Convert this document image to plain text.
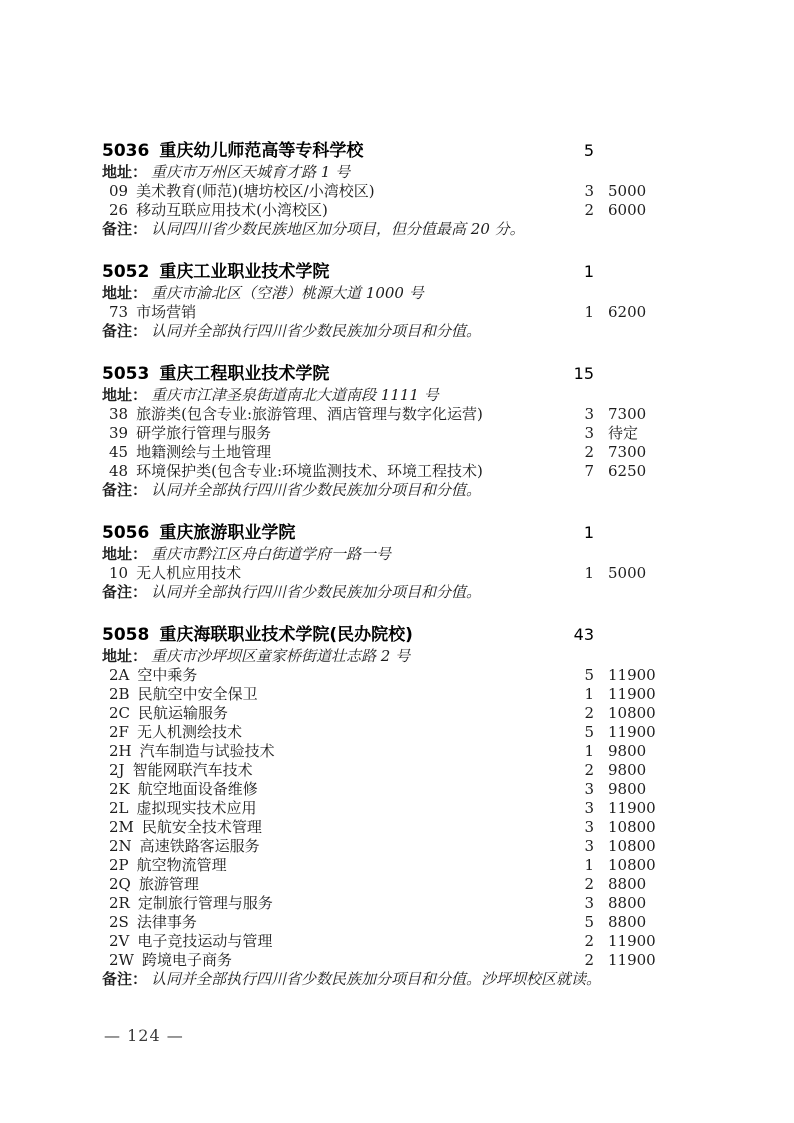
5036 重庆幼儿师范高等专科学校	5
地址： 重庆市万州区天城育才路 1 号
09 美术教育(师范)(塘坊校区/小湾校区)	3 5000
26 移动互联应用技术(小湾校区)	2 6000
备注： 认同四川省少数民族地区加分项目，但分值最高 20 分。
5052 重庆工业职业技术学院	1
地址： 重庆市渝北区（空港）桃源大道 1000 号
73 市场营销	1 6200
备注： 认同并全部执行四川省少数民族加分项目和分值。
5053 重庆工程职业技术学院	15
地址： 重庆市江津圣泉街道南北大道南段 1111 号
38 旅游类(包含专业:旅游管理、酒店管理与数字化运营)	3 7300
39 研学旅行管理与服务	3 待定
45 地籍测绘与土地管理	2 7300
48 环境保护类(包含专业:环境监测技术、环境工程技术)	7 6250
备注： 认同并全部执行四川省少数民族加分项目和分值。
5056 重庆旅游职业学院	1
地址： 重庆市黔江区舟白街道学府一路一号
10 无人机应用技术	1 5000
备注： 认同并全部执行四川省少数民族加分项目和分值。
5058 重庆海联职业技术学院(民办院校)	43
地址： 重庆市沙坪坝区童家桥街道壮志路 2 号
2A 空中乘务	5 11900
2B 民航空中安全保卫	1 11900
2C 民航运输服务	2 10800
2F 无人机测绘技术	5 11900
2H 汽车制造与试验技术	1 9800
2J 智能网联汽车技术	2 9800
2K 航空地面设备维修	3 9800
2L 虚拟现实技术应用	3 11900
2M 民航安全技术管理	3 10800
2N 高速铁路客运服务	3 10800
2P 航空物流管理	1 10800
2Q 旅游管理	2 8800
2R 定制旅行管理与服务	3 8800
2S 法律事务	5 8800
2V 电子竞技运动与管理	2 11900
2W 跨境电子商务	2 11900
备注： 认同并全部执行四川省少数民族加分项目和分值。沙坪坝校区就读。
— 124 —
